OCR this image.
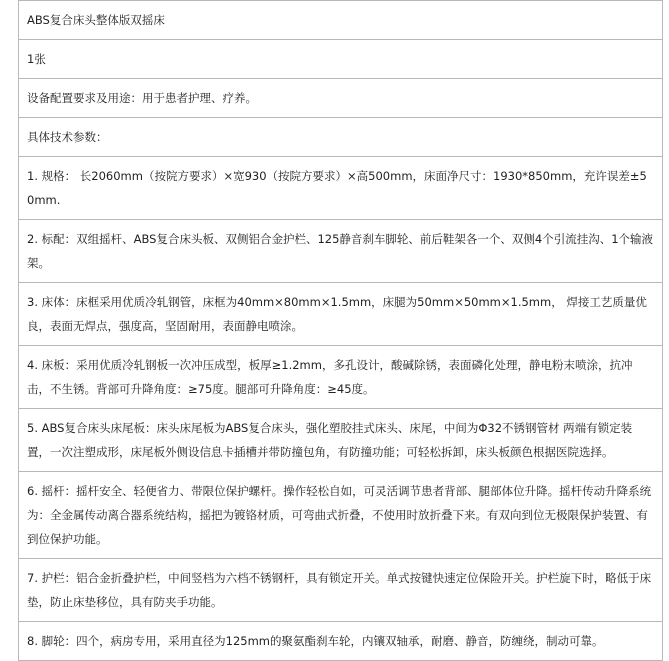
ABS复合床头整体版双摇床
1张
设备配置要求及用途：用于患者护理、疗养。
具体技术参数：
1. 规格： 长2060mm（按院方要求）×宽930（按院方要求）×高500mm，床面净尺寸：1930*850mm，充许误差±50mm.
2. 标配：双组摇杆、ABS复合床头板、双侧铝合金护栏、125静音刹车脚轮、前后鞋架各一个、双侧4个引流挂沟、1个输液架。
3. 床体：床框采用优质冷轧钢管，床框为40mm×80mm×1.5mm，床腿为50mm×50mm×1.5mm， 焊接工艺质量优良，表面无焊点，强度高，坚固耐用，表面静电喷涂。
4. 床板：采用优质冷轧钢板一次冲压成型，板厚≥1.2mm，多孔设计，酸碱除锈，表面磷化处理，静电粉末喷涂，抗冲击，不生锈。背部可升降角度：≥75度。腿部可升降角度：≥45度。
5. ABS复合床头床尾板：床头床尾板为ABS复合床头，强化塑胶挂式床头、床尾，中间为Φ32不锈钢管材 两端有锁定装置，一次注塑成形，床尾板外侧设信息卡插槽并带防撞包角，有防撞功能；可轻松拆卸，床头板颜色根据医院选择。
6. 摇杆：摇杆安全、轻便省力、带限位保护螺杆。操作轻松自如，可灵活调节患者背部、腿部体位升降。摇杆传动升降系统为：全金属传动离合器系统结构，摇把为镀铬材质，可弯曲式折叠，不使用时放折叠下来。有双向到位无极限保护装置、有到位保护功能。
7. 护栏：铝合金折叠护栏，中间竖档为六档不锈钢杆，具有锁定开关。单式按键快速定位保险开关。护栏旋下时，略低于床垫，防止床垫移位，具有防夹手功能。
8. 脚轮：四个，病房专用，采用直径为125mm的聚氨酯刹车轮，内镶双轴承，耐磨、静音，防缠绕，制动可靠。
